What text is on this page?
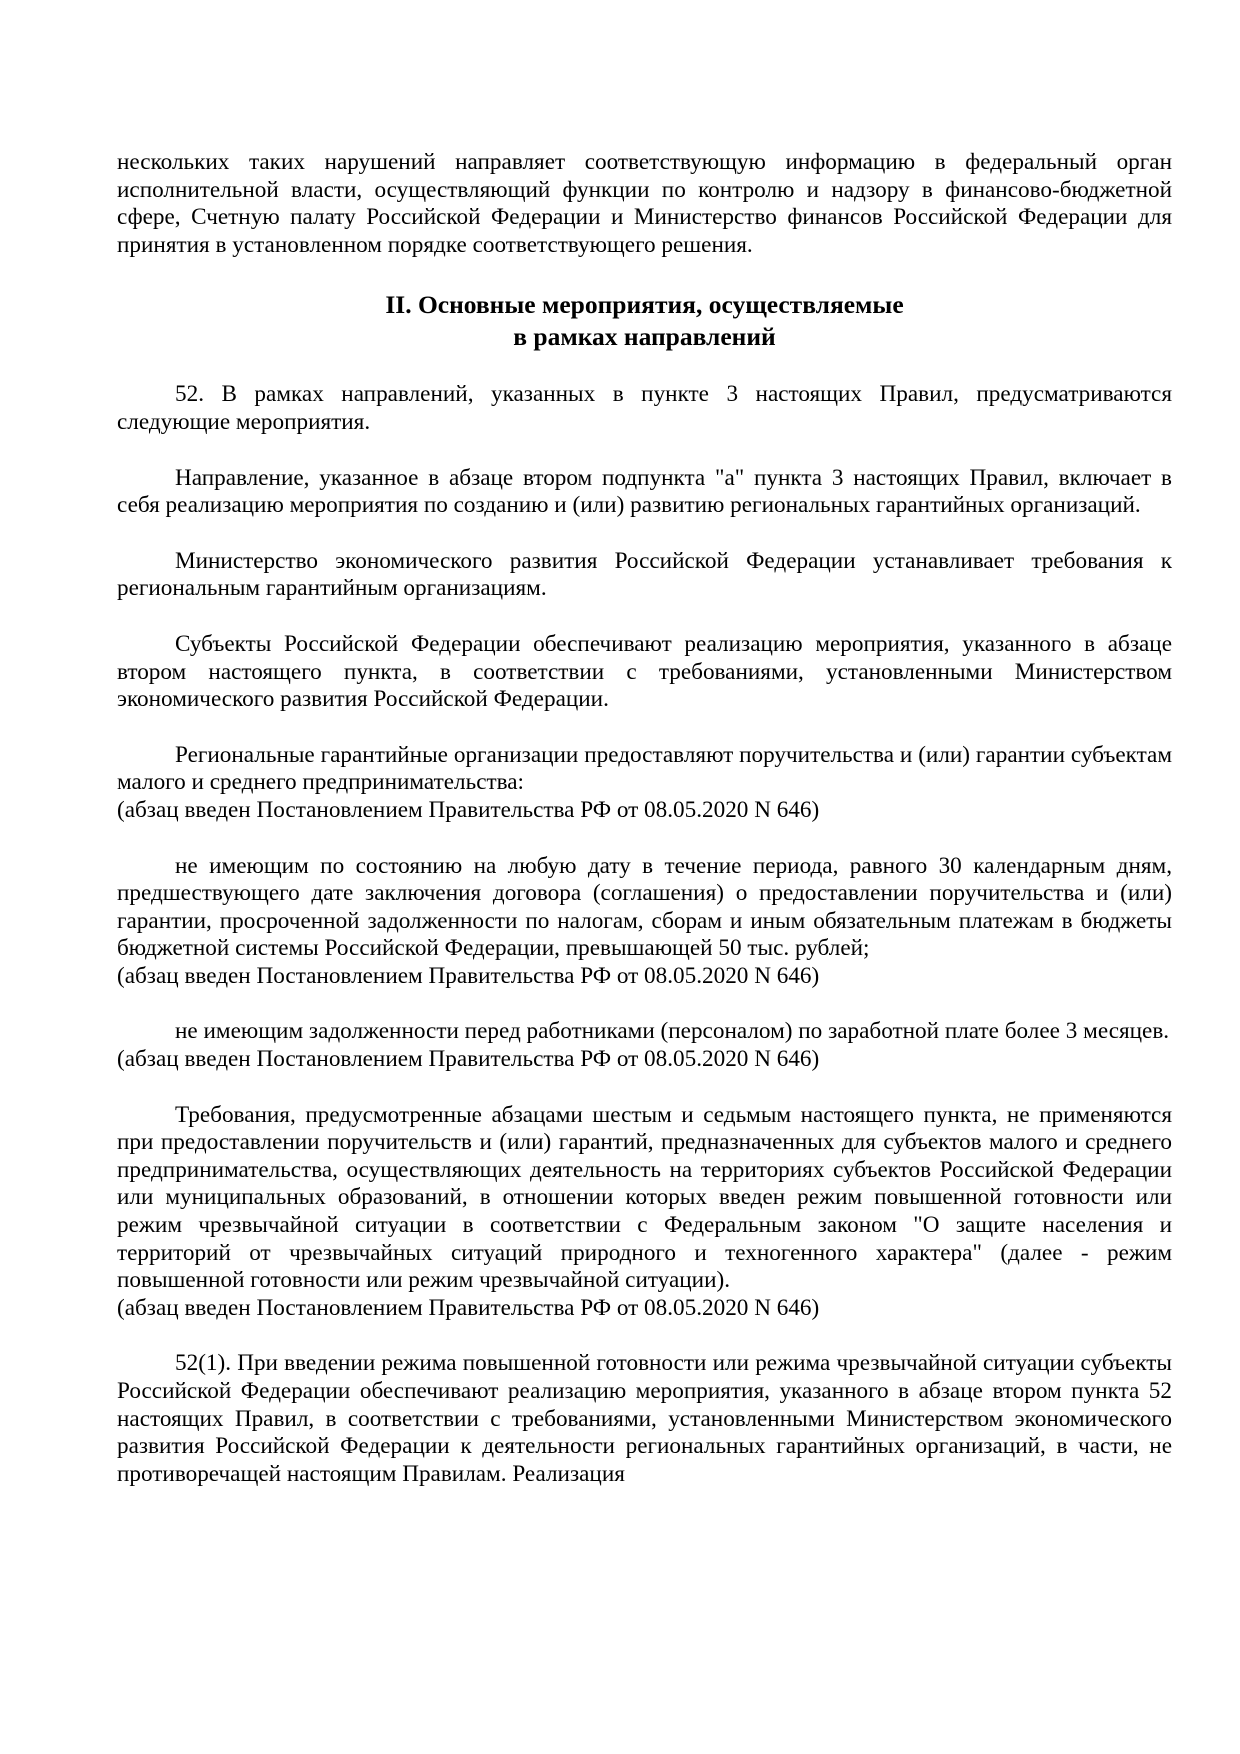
нескольких таких нарушений направляет соответствующую информацию в федеральный орган исполнительной власти, осуществляющий функции по контролю и надзору в финансово-бюджетной сфере, Счетную палату Российской Федерации и Министерство финансов Российской Федерации для принятия в установленном порядке соответствующего решения.

II. Основные мероприятия, осуществляемые
в рамках направлений

52. В рамках направлений, указанных в пункте 3 настоящих Правил, предусматриваются следующие мероприятия.

Направление, указанное в абзаце втором подпункта "а" пункта 3 настоящих Правил, включает в себя реализацию мероприятия по созданию и (или) развитию региональных гарантийных организаций.

Министерство экономического развития Российской Федерации устанавливает требования к региональным гарантийным организациям.

Субъекты Российской Федерации обеспечивают реализацию мероприятия, указанного в абзаце втором настоящего пункта, в соответствии с требованиями, установленными Министерством экономического развития Российской Федерации.

Региональные гарантийные организации предоставляют поручительства и (или) гарантии субъектам малого и среднего предпринимательства:

(абзац введен Постановлением Правительства РФ от 08.05.2020 N 646)

не имеющим по состоянию на любую дату в течение периода, равного 30 календарным дням, предшествующего дате заключения договора (соглашения) о предоставлении поручительства и (или) гарантии, просроченной задолженности по налогам, сборам и иным обязательным платежам в бюджеты бюджетной системы Российской Федерации, превышающей 50 тыс. рублей;

(абзац введен Постановлением Правительства РФ от 08.05.2020 N 646)

не имеющим задолженности перед работниками (персоналом) по заработной плате более 3 месяцев.

(абзац введен Постановлением Правительства РФ от 08.05.2020 N 646)

Требования, предусмотренные абзацами шестым и седьмым настоящего пункта, не применяются при предоставлении поручительств и (или) гарантий, предназначенных для субъектов малого и среднего предпринимательства, осуществляющих деятельность на территориях субъектов Российской Федерации или муниципальных образований, в отношении которых введен режим повышенной готовности или режим чрезвычайной ситуации в соответствии с Федеральным законом "О защите населения и территорий от чрезвычайных ситуаций природного и техногенного характера" (далее - режим повышенной готовности или режим чрезвычайной ситуации).

(абзац введен Постановлением Правительства РФ от 08.05.2020 N 646)

52(1). При введении режима повышенной готовности или режима чрезвычайной ситуации субъекты Российской Федерации обеспечивают реализацию мероприятия, указанного в абзаце втором пункта 52 настоящих Правил, в соответствии с требованиями, установленными Министерством экономического развития Российской Федерации к деятельности региональных гарантийных организаций, в части, не противоречащей настоящим Правилам. Реализация
